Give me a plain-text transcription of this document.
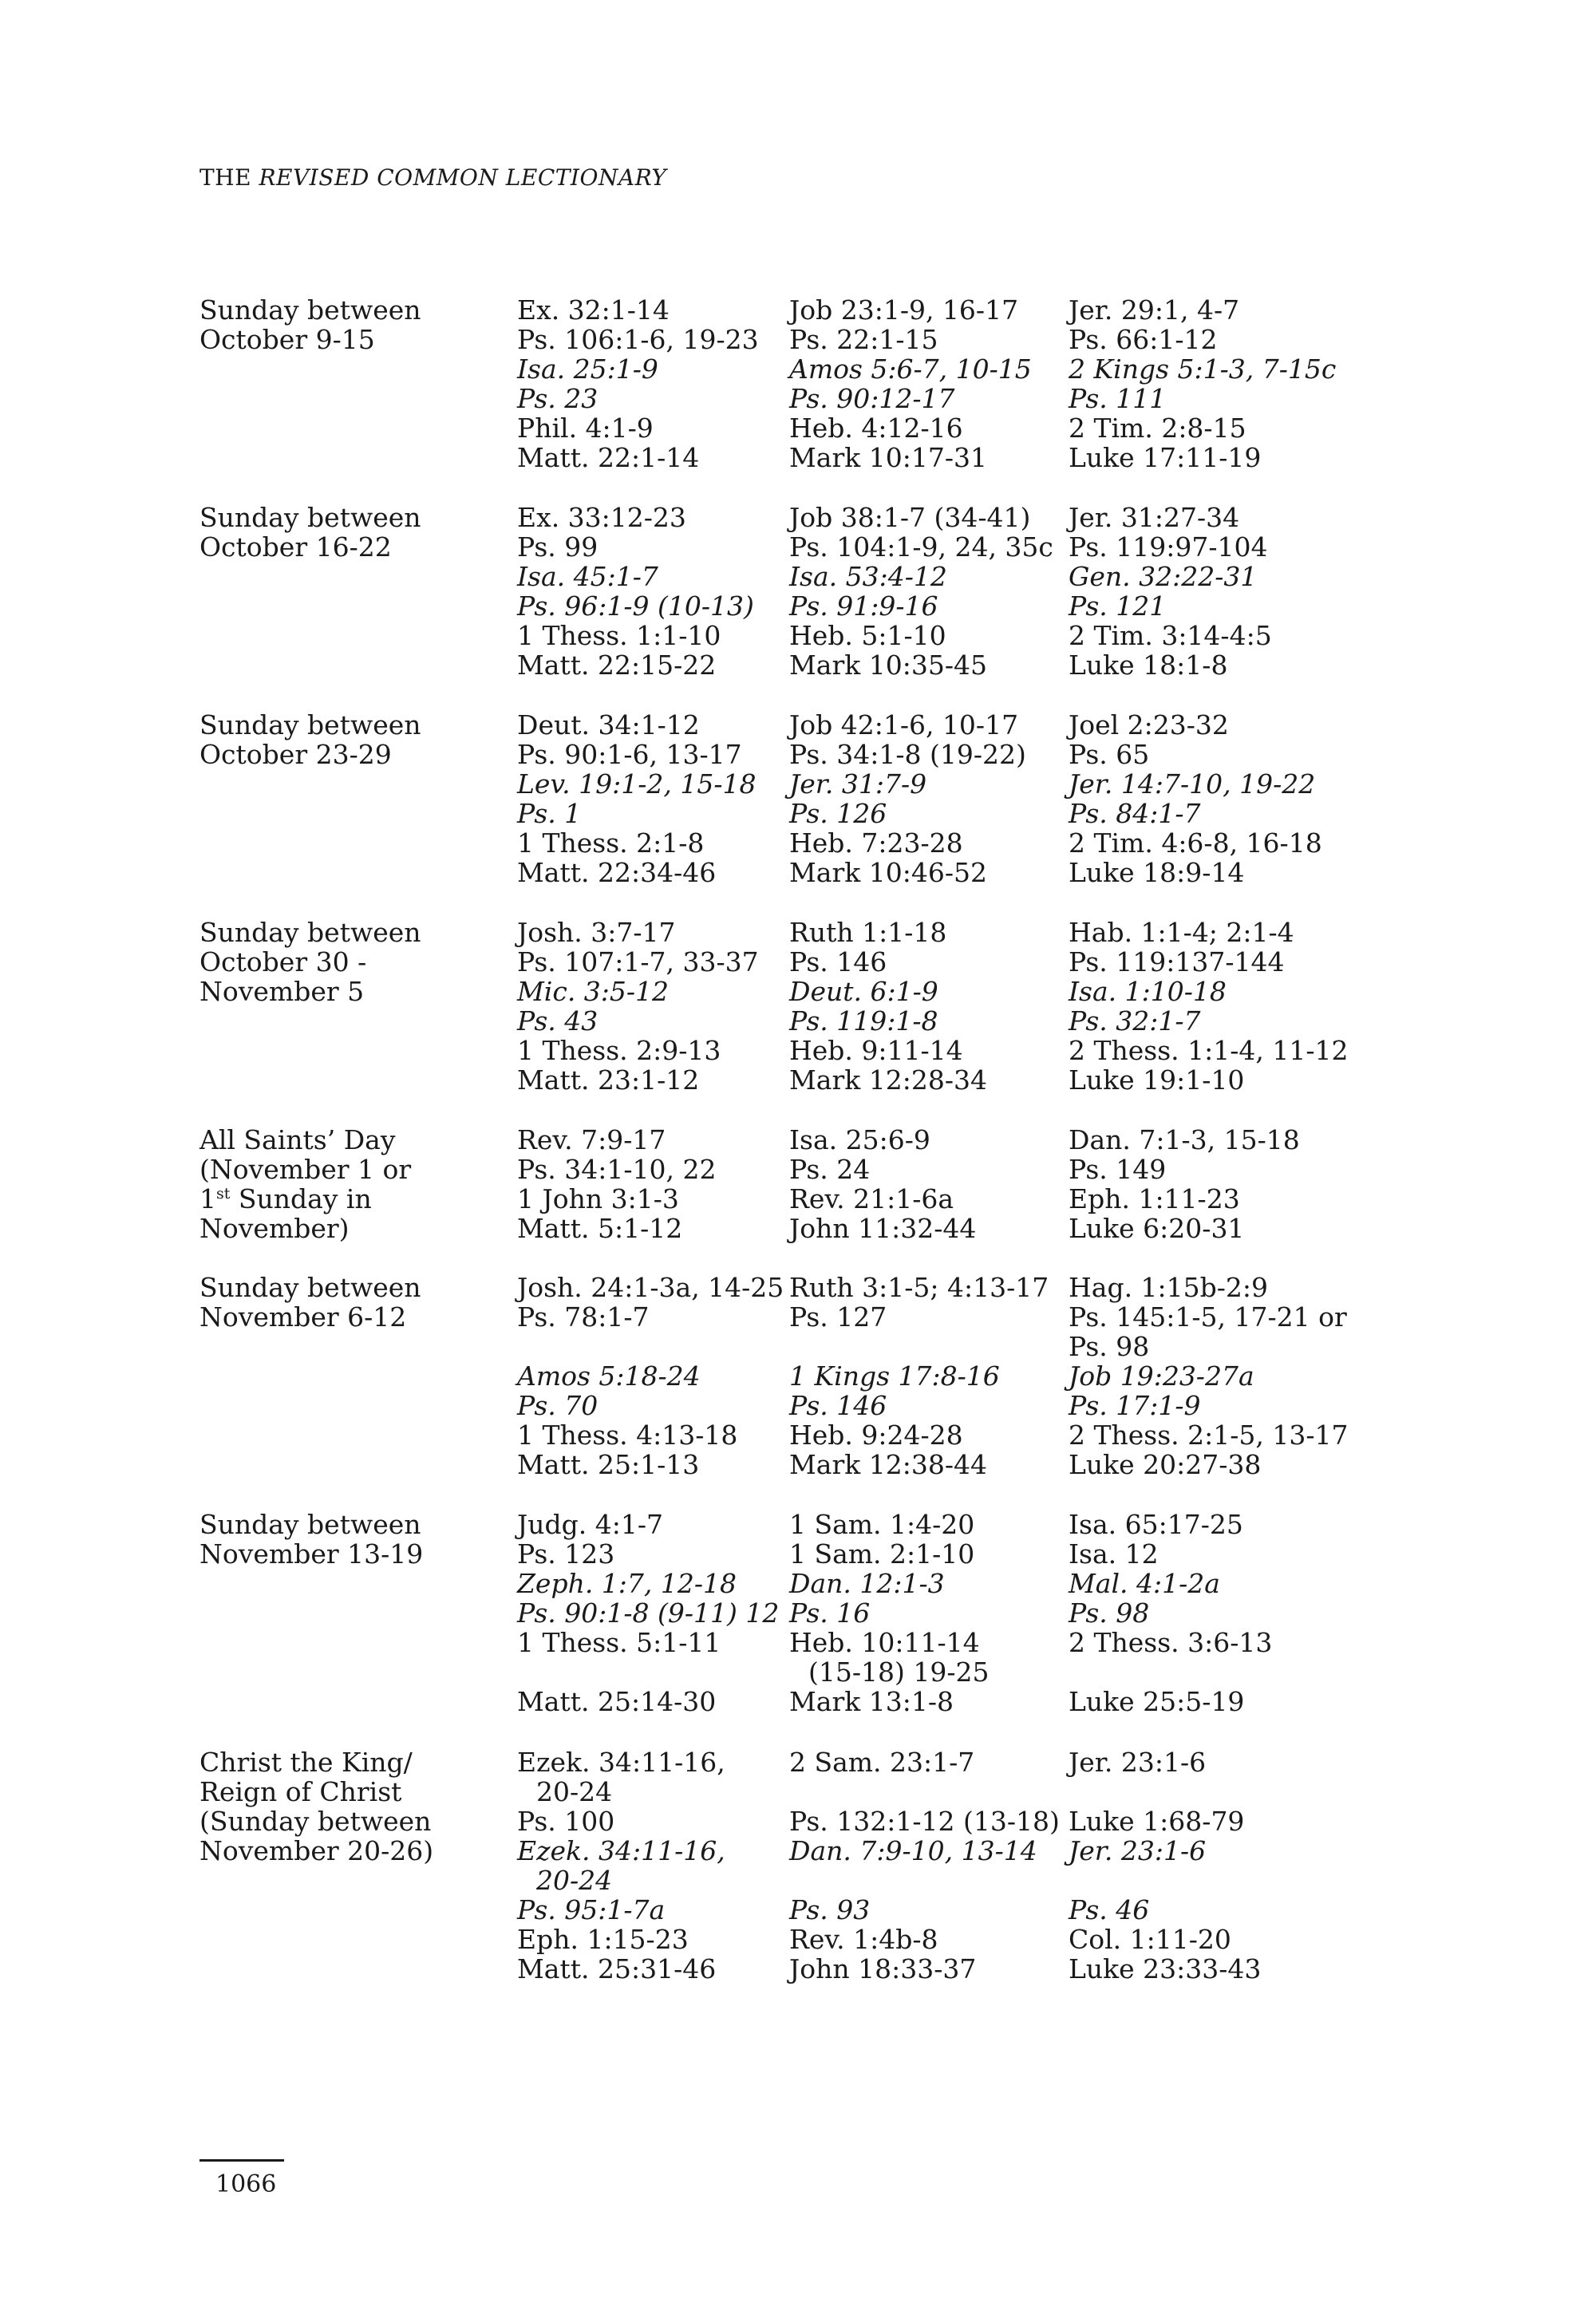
THE REVISED COMMON LECTIONARY
Sunday between
October 9-15
Ex. 32:1-14
Ps. 106:1-6, 19-23
Isa. 25:1-9
Ps. 23
Phil. 4:1-9
Matt. 22:1-14
Job 23:1-9, 16-17
Ps. 22:1-15
Amos 5:6-7, 10-15
Ps. 90:12-17
Heb. 4:12-16
Mark 10:17-31
Jer. 29:1, 4-7
Ps. 66:1-12
2 Kings 5:1-3, 7-15c
Ps. 111
2 Tim. 2:8-15
Luke 17:11-19
Sunday between
October 16-22
Ex. 33:12-23
Ps. 99
Isa. 45:1-7
Ps. 96:1-9 (10-13)
1 Thess. 1:1-10
Matt. 22:15-22
Job 38:1-7 (34-41)
Ps. 104:1-9, 24, 35c
Isa. 53:4-12
Ps. 91:9-16
Heb. 5:1-10
Mark 10:35-45
Jer. 31:27-34
Ps. 119:97-104
Gen. 32:22-31
Ps. 121
2 Tim. 3:14-4:5
Luke 18:1-8
Sunday between
October 23-29
Deut. 34:1-12
Ps. 90:1-6, 13-17
Lev. 19:1-2, 15-18
Ps. 1
1 Thess. 2:1-8
Matt. 22:34-46
Job 42:1-6, 10-17
Ps. 34:1-8 (19-22)
Jer. 31:7-9
Ps. 126
Heb. 7:23-28
Mark 10:46-52
Joel 2:23-32
Ps. 65
Jer. 14:7-10, 19-22
Ps. 84:1-7
2 Tim. 4:6-8, 16-18
Luke 18:9-14
Sunday between
October 30 -
November 5
Josh. 3:7-17
Ps. 107:1-7, 33-37
Mic. 3:5-12
Ps. 43
1 Thess. 2:9-13
Matt. 23:1-12
Ruth 1:1-18
Ps. 146
Deut. 6:1-9
Ps. 119:1-8
Heb. 9:11-14
Mark 12:28-34
Hab. 1:1-4; 2:1-4
Ps. 119:137-144
Isa. 1:10-18
Ps. 32:1-7
2 Thess. 1:1-4, 11-12
Luke 19:1-10
All Saints’ Day
(November 1 or
1st Sunday in
November)
Rev. 7:9-17
Ps. 34:1-10, 22
1 John 3:1-3
Matt. 5:1-12
Isa. 25:6-9
Ps. 24
Rev. 21:1-6a
John 11:32-44
Dan. 7:1-3, 15-18
Ps. 149
Eph. 1:11-23
Luke 6:20-31
Sunday between
November 6-12
Josh. 24:1-3a, 14-25
Ps. 78:1-7
Amos 5:18-24
Ps. 70
1 Thess. 4:13-18
Matt. 25:1-13
Ruth 3:1-5; 4:13-17
Ps. 127
1 Kings 17:8-16
Ps. 146
Heb. 9:24-28
Mark 12:38-44
Hag. 1:15b-2:9
Ps. 145:1-5, 17-21 or
Ps. 98
Job 19:23-27a
Ps. 17:1-9
2 Thess. 2:1-5, 13-17
Luke 20:27-38
Sunday between
November 13-19
Judg. 4:1-7
Ps. 123
Zeph. 1:7, 12-18
Ps. 90:1-8 (9-11) 12
1 Thess. 5:1-11
Matt. 25:14-30
1 Sam. 1:4-20
1 Sam. 2:1-10
Dan. 12:1-3
Ps. 16
Heb. 10:11-14
(15-18) 19-25
Mark 13:1-8
Isa. 65:17-25
Isa. 12
Mal. 4:1-2a
Ps. 98
2 Thess. 3:6-13
Luke 25:5-19
Christ the King/
Reign of Christ
(Sunday between
November 20-26)
Ezek. 34:11-16,
20-24
Ps. 100
Ezek. 34:11-16,
20-24
Ps. 95:1-7a
Eph. 1:15-23
Matt. 25:31-46
2 Sam. 23:1-7
Ps. 132:1-12 (13-18)
Dan. 7:9-10, 13-14
Ps. 93
Rev. 1:4b-8
John 18:33-37
Jer. 23:1-6
Luke 1:68-79
Jer. 23:1-6
Ps. 46
Col. 1:11-20
Luke 23:33-43
1066
